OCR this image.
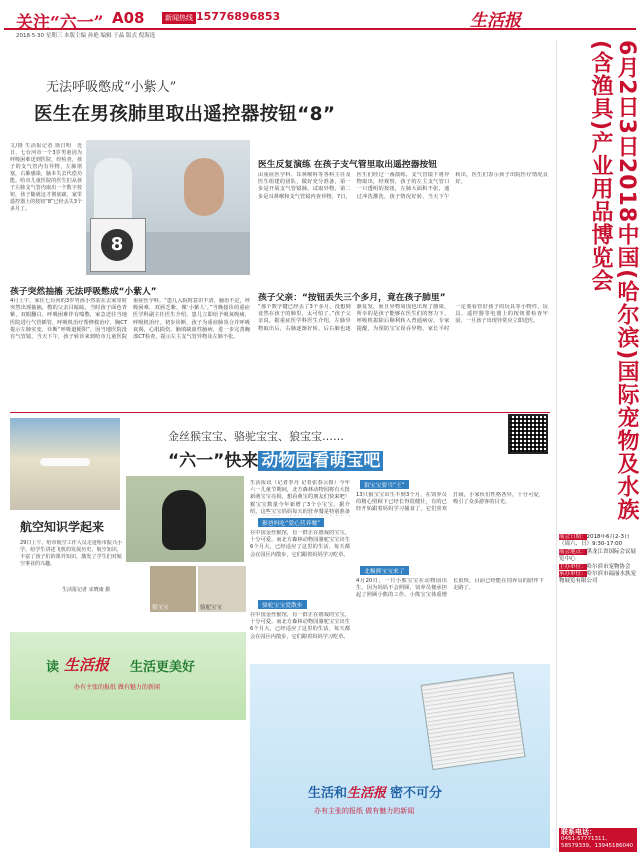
关注“六一” A08	新闻热线 15776896853	生活报
2018·5·30 星期三 本版主编 孙艳 编辑 于晶 版式 倪海选
无法呼吸憋成“小紫人”
医生在男孩肺里取出遥控器按钮“8”
文/摄 生活报记者 徐日明　近日，七台河市一个3岁男童因为呼吸困难送到医院，经检查，孩子的支气管内有异物，左肺堵塞，右肺感染，脑本失去代偿功能。哈市儿童医院的医生们从孩子左肺支气管内取出一个数字按钮，孩子随就这才彻底疏，家里遥控器上的按钮“8”已经丢失3个多月了。
8
孩子突然抽搐 无法呼吸憋成“小紫人”
4月上午，家住七台河的3岁男孩小然装在去家里时突然出现抽搐，憋的父亲目眩眩，当时孩子面色青紫，双眼翻白，呼吸困难伴有喘憋，家急送往当地医院进行气管插管，呼吸机治疗帮修救治疗，胸CT提示左肺实变，诊断“呼吸道梗阻”，因当地医院没有气管镜，当天下午，孩子转诊来到哈市儿童医院重症医学科。“患儿入院时意识不清，脑语不定，呼吸困难，双唇乏紫，像‘小紫人’。”当晚接诊的重症医学科副主任医生介绍，患儿立即给予吸氧吸痰，呼吸机治疗。初步诊断，孩子为重症肺炎合并呼吸衰竭，心肌损伤，脑填缺血性脑病，进一步完善胸部CT检查，提示左主支气管异物及左肺不张。
医生反复演练 在孩子支气管里取出遥控器按钮
由重症医学科、耳鼻喉科等各科主任及医生组建的团队，做好充分准备，第一步是开展支气管镜肺，试取异物，第二步是耳鼻喉和支气管镜内查异物。7日，医生们经过一番演练，支气管镜下将异物取出，经观察，孩子的左主支气管口一只透明的按钮，左肺大面积不张，通过冲洗灌洗，孩子情况好转，当天下午转出，医生们表示孩子出院医疗情况良好。
孩子父亲：“按钮丢失三个多月，竟在孩子肺里”
“那个数字键已经丢了3个多月，没想到竟然在孩子的肺里，太可怕了。”孩子父亲说。据重症医学科医生介绍，左肺异物取出后，右肺逐渐好转。后右肺也逐渐复发，而且异物周围也出现了感染，所幸的是孩子能够在医生们的努力下，呼吸机拔除后顺利转入普通病房。专家提醒，为预防宝宝误吞异物，家长平时一定要看管好孩子的玩具等小物件，玩具、遥控器等电器上的按钮要检查牢固，一旦孩子出现异常应立即送医。
金丝猴宝宝、骆驼宝宝、狼宝宝……
“六一”快来 动物园看萌宝吧
航空知识学起来
29日上午，哈市航空工作人员走进哈市振兴小学，给学生讲述飞机的发展历史、航空知识，丰富了孩子们的课外知识，激发了学生们对航空事业的兴趣。
生活报记者 宋晓康 摄
狼宝宝	骆驼宝宝
生活报讯（记者李丹 记者张春云摄）今年六一儿童节期间，北方森林动物园将有大批新萌宝宝亮相，想看萌宝的朋友们快来吧！猴宝宝数量今年新增了3个小宝宝。据介绍，这些宝宝妈妈每天的营养餐是特别准备
猴爸妈吃“爱心营养餐”
在中国金丝猴馆，有一群正在嬉戏的宝宝，十分可爱。而北方森林动物园骆驼宝宝出生6个月大，已经适应了这里的生活，每天都会在园区内散步，它们跟着妈妈学习吃草。
骆驼宝宝爱散步
在中国金丝猴馆，有一群正在嬉戏的宝宝，十分可爱。而北方森林动物园骆驼宝宝出生6个月大，已经适应了这里的生活，每天都会在园区内散步，它们跟着妈妈学习吃草。
狼宝宝要当“王”
13只狼宝宝出生不到3个月，在饲养员的精心照顾下已经长得很健壮，有的已经开始跟着妈妈学习捕食了，它们喜欢打闹，小家伙们性格各异，十分可爱，吸引了众多游客的目光。
北极熊宝宝来了
4月20日，一只小熊宝宝在动物园出生，因为妈妈不会照顾，饲养员便承担起了照顾小熊的工作。小熊宝宝体重增长很快，目前已经能在饲养员的陪伴下走路了。
读 生活报 生活更美好
办有主张的报纸 做有魅力的新闻
生活和生活报 密不可分
办有主张的报纸 做有魅力的新闻
6月2日3日2018中国(哈尔滨)国际宠物及水族(含渔具)产业用品博览会
展会日期：2018年6月2-3日（周六、日）9:30-17:00
展会地点：黑龙江省国际会议展览中心
主办单位：哈尔滨市宠物协会
承办单位：哈尔滨市福丽水族宠物展览有限公司
联系电话：
0451-57771311、58579339、13945186040
